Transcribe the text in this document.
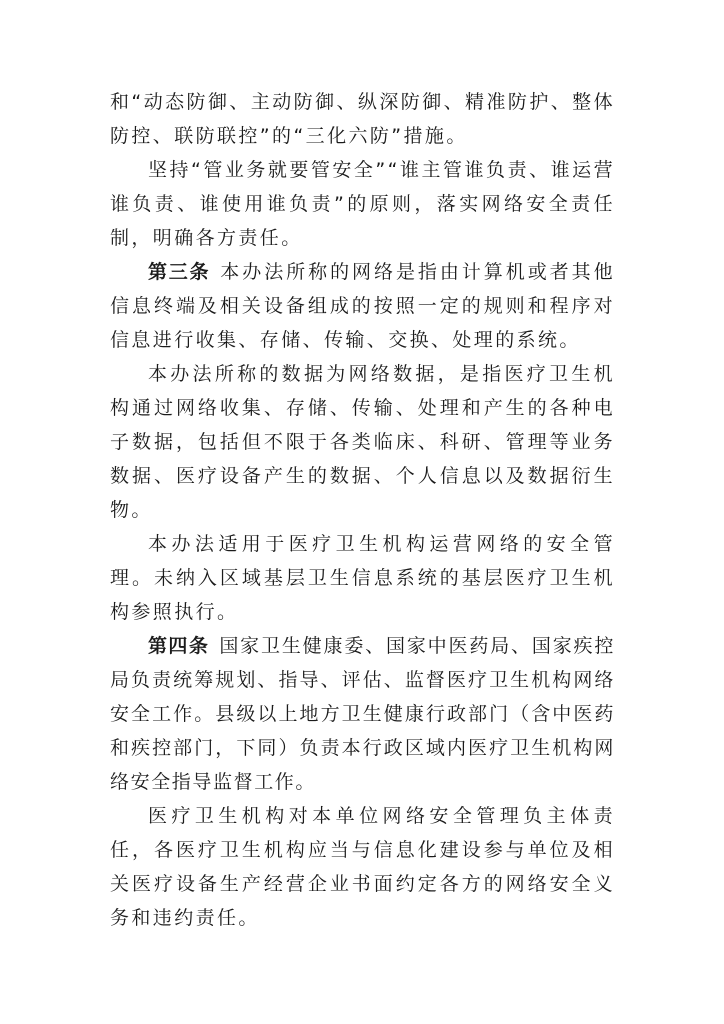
和“动态防御、主动防御、纵深防御、精准防护、整体防控、联防联控”的“三化六防”措施。

坚持“管业务就要管安全”“谁主管谁负责、谁运营谁负责、谁使用谁负责”的原则，落实网络安全责任制，明确各方责任。

第三条 本办法所称的网络是指由计算机或者其他信息终端及相关设备组成的按照一定的规则和程序对信息进行收集、存储、传输、交换、处理的系统。

本办法所称的数据为网络数据，是指医疗卫生机构通过网络收集、存储、传输、处理和产生的各种电子数据，包括但不限于各类临床、科研、管理等业务数据、医疗设备产生的数据、个人信息以及数据衍生物。

本办法适用于医疗卫生机构运营网络的安全管理。未纳入区域基层卫生信息系统的基层医疗卫生机构参照执行。

第四条 国家卫生健康委、国家中医药局、国家疾控局负责统筹规划、指导、评估、监督医疗卫生机构网络安全工作。县级以上地方卫生健康行政部门（含中医药和疾控部门，下同）负责本行政区域内医疗卫生机构网络安全指导监督工作。

医疗卫生机构对本单位网络安全管理负主体责任，各医疗卫生机构应当与信息化建设参与单位及相关医疗设备生产经营企业书面约定各方的网络安全义务和违约责任。
